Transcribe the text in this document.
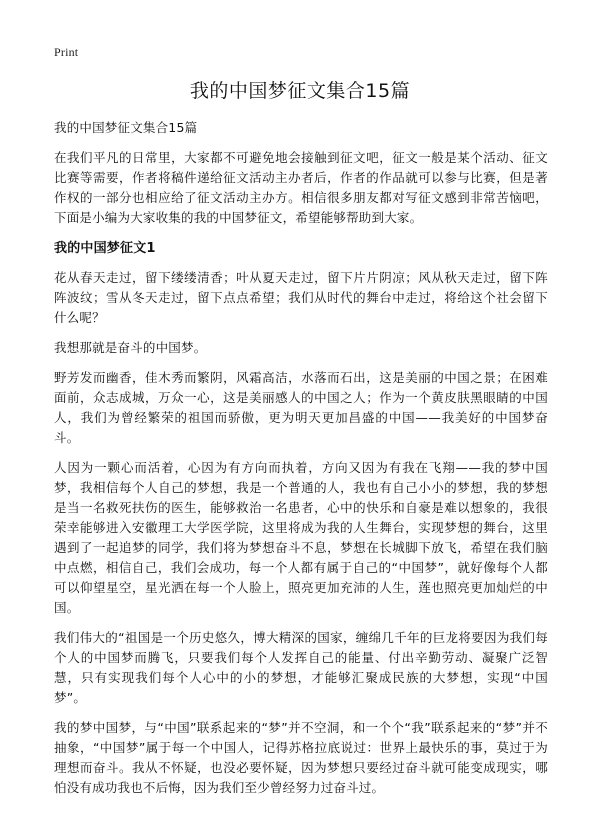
Print
我的中国梦征文集合15篇
我的中国梦征文集合15篇

在我们平凡的日常里，大家都不可避免地会接触到征文吧，征文一般是某个活动、征文比赛等需要，作者将稿件递给征文活动主办者后，作者的作品就可以参与比赛，但是著作权的一部分也相应给了征文活动主办方。相信很多朋友都对写征文感到非常苦恼吧，下面是小编为大家收集的我的中国梦征文，希望能够帮助到大家。

我的中国梦征文1

花从春天走过，留下缕缕清香；叶从夏天走过，留下片片阴凉；风从秋天走过，留下阵阵波纹；雪从冬天走过，留下点点希望；我们从时代的舞台中走过，将给这个社会留下什么呢？

我想那就是奋斗的中国梦。

野芳发而幽香，佳木秀而繁阴，风霜高洁，水落而石出，这是美丽的中国之景；在困难面前，众志成城，万众一心，这是美丽感人的中国之人；作为一个黄皮肤黑眼睛的中国人，我们为曾经繁荣的祖国而骄傲，更为明天更加昌盛的中国——我美好的中国梦奋斗。

人因为一颗心而活着，心因为有方向而执着，方向又因为有我在飞翔——我的梦中国梦，我相信每个人自己的梦想，我是一个普通的人，我也有自己小小的梦想，我的梦想是当一名救死扶伤的医生，能够救治一名患者，心中的快乐和自豪是难以想象的，我很荣幸能够进入安徽理工大学医学院，这里将成为我的人生舞台，实现梦想的舞台，这里遇到了一起追梦的同学，我们将为梦想奋斗不息，梦想在长城脚下放飞，希望在我们脑中点燃，相信自己，我们会成功，每一个人都有属于自己的“中国梦”，就好像每个人都可以仰望星空，星光洒在每一个人脸上，照亮更加充沛的人生，莲也照亮更加灿烂的中国。

我们伟大的“祖国是一个历史悠久，博大精深的国家，缠绵几千年的巨龙将要因为我们每个人的中国梦而腾飞，只要我们每个人发挥自己的能量、付出辛勤劳动、凝聚广泛智慧，只有实现我们每个人心中的小的梦想，才能够汇聚成民族的大梦想，实现“中国梦”。

我的梦中国梦，与“中国”联系起来的“梦”并不空洞，和一个个“我”联系起来的“梦”并不抽象，“中国梦”属于每一个中国人，记得苏格拉底说过：世界上最快乐的事，莫过于为理想而奋斗。我从不怀疑，也没必要怀疑，因为梦想只要经过奋斗就可能变成现实，哪怕没有成功我也不后悔，因为我们至少曾经努力过奋斗过。
